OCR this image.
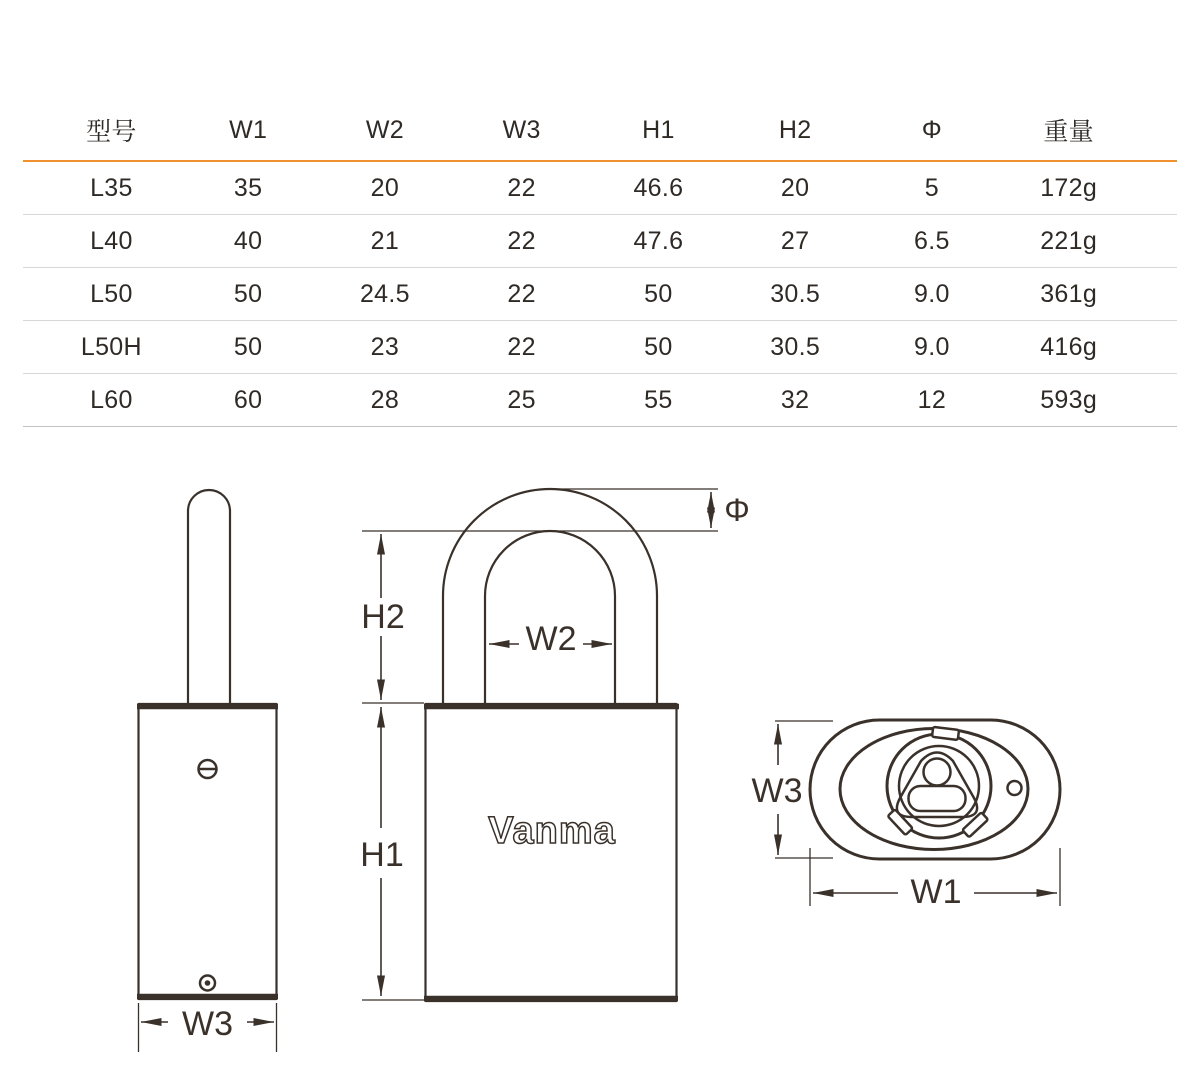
型号	W1	W2	W3	H1	H2	Φ	重量
L35	35	20	22	46.6	20	5	172g
L40	40	21	22	47.6	27	6.5	221g
L50	50	24.5	22	50	30.5	9.0	361g
L50H	50	23	22	50	30.5	9.0	416g
L60	60	28	25	55	32	12	593g
W3
Vanma
Φ
H2
W2
H1
W3
W1
